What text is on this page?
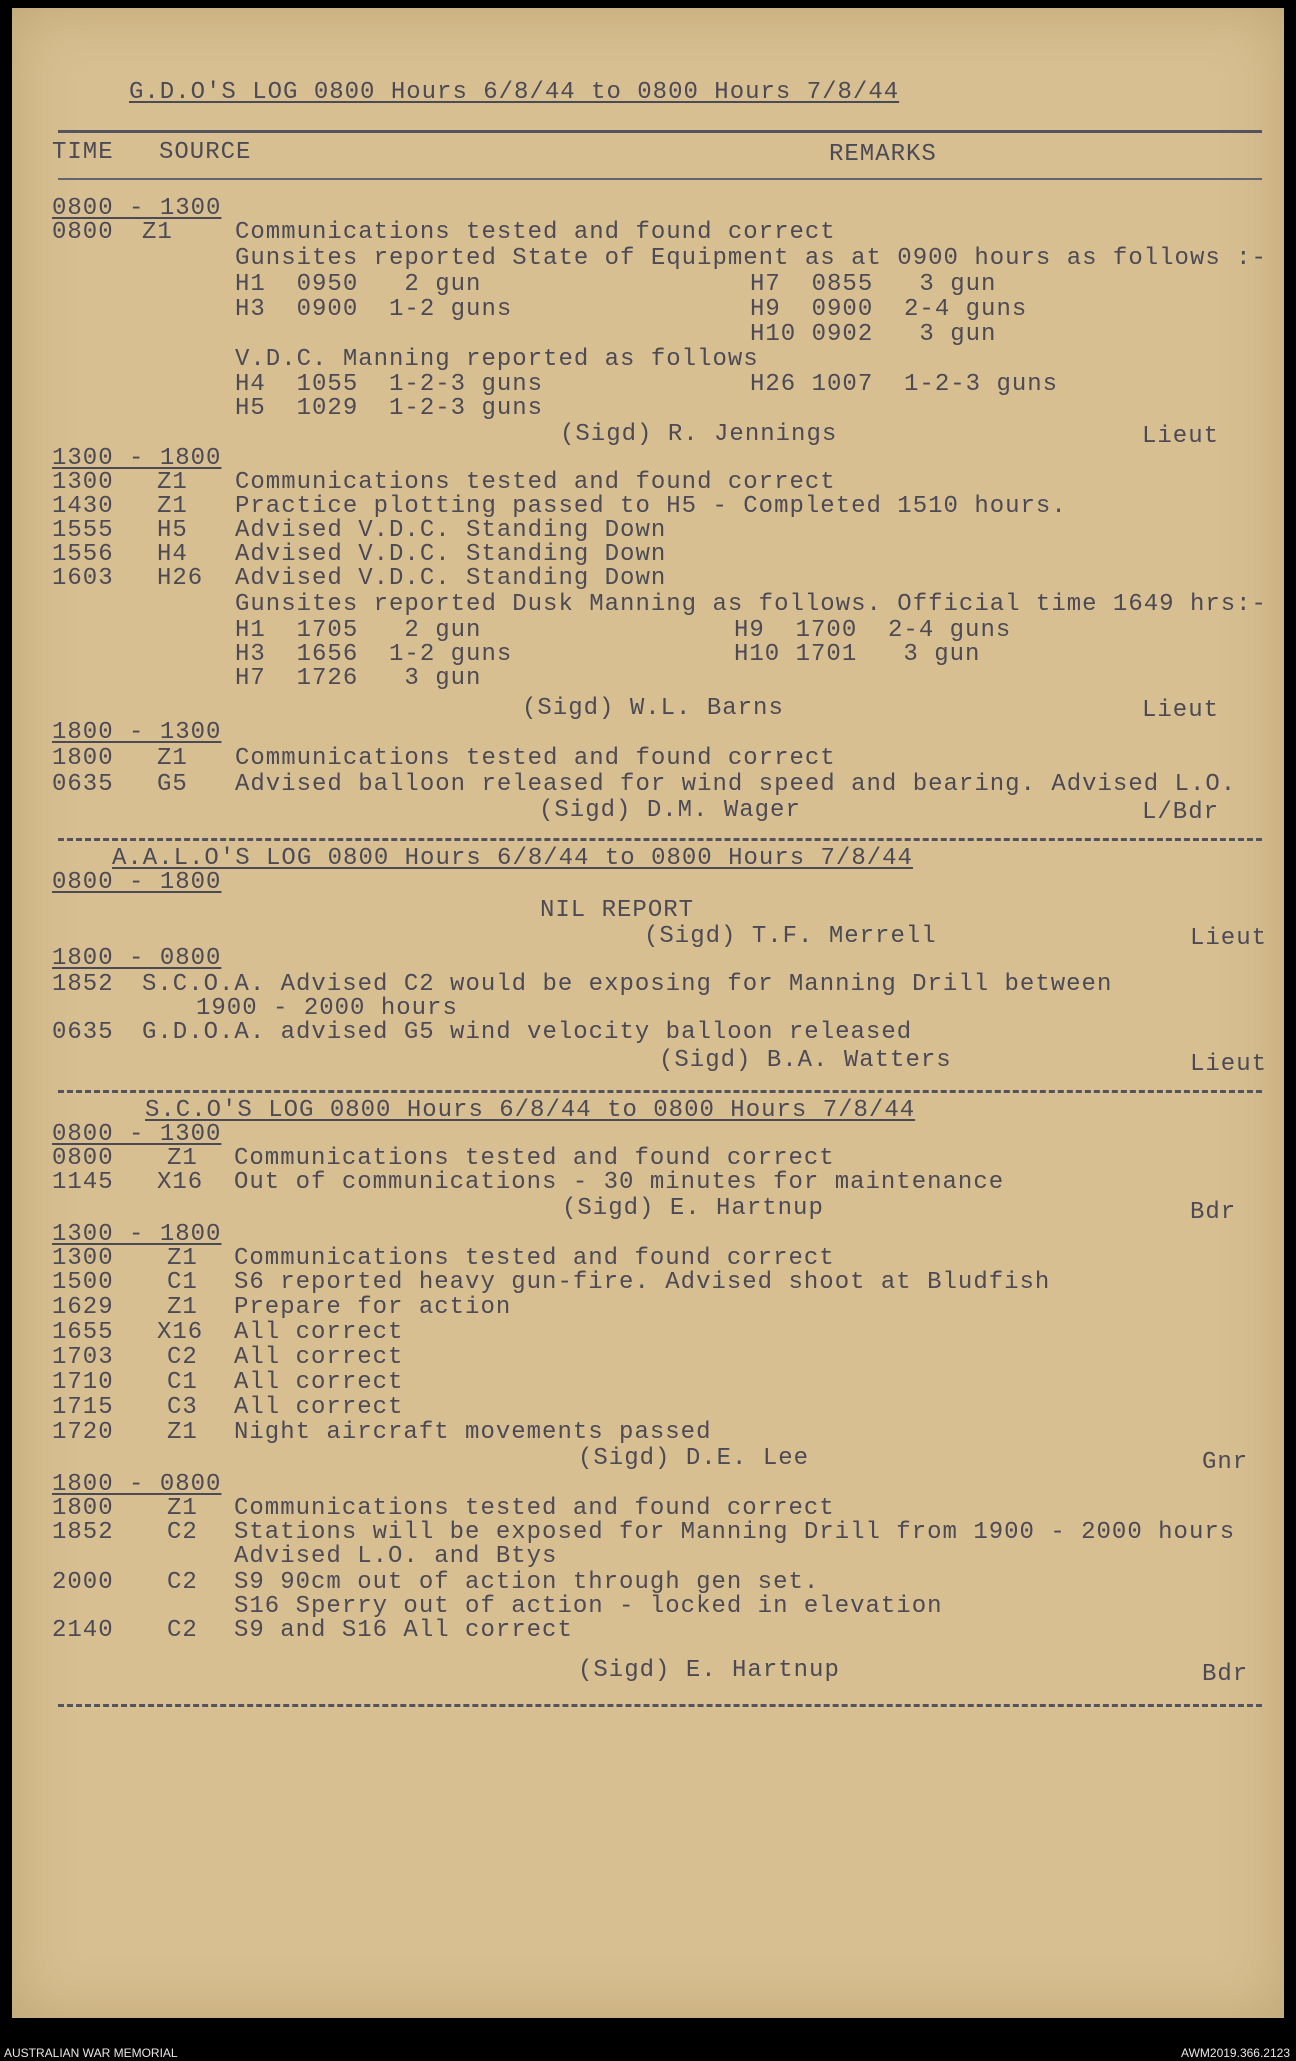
G.D.O'S LOG 0800 Hours 6/8/44 to 0800 Hours 7/8/44
TIME SOURCE	REMARKS
0800 - 1300
0800 Z1	Communications tested and found correct
Gunsites reported State of Equipment as at 0900 hours as follows :-
H1  0950   2 gun	H7  0855   3 gun
H3  0900  1-2 guns	H9  0900  2-4 guns
H10 0902   3 gun
V.D.C. Manning reported as follows
H4  1055  1-2-3 guns	H26 1007  1-2-3 guns
H5  1029  1-2-3 guns
(Sigd) R. Jennings	Lieut
1300 - 1800
1300 Z1 Communications tested and found correct
1430 Z1 Practice plotting passed to H5 - Completed 1510 hours.
1555 H5 Advised V.D.C. Standing Down
1556 H4 Advised V.D.C. Standing Down
1603 H26 Advised V.D.C. Standing Down
Gunsites reported Dusk Manning as follows. Official time 1649 hrs:-
H1  1705   2 gun	H9  1700  2-4 guns
H3  1656  1-2 guns	H10 1701   3 gun
H7  1726   3 gun
(Sigd) W.L. Barns	Lieut
1800 - 1300
1800 Z1 Communications tested and found correct
0635 G5 Advised balloon released for wind speed and bearing. Advised L.O.
(Sigd) D.M. Wager	L/Bdr
A.A.L.O'S LOG 0800 Hours 6/8/44 to 0800 Hours 7/8/44
0800 - 1800
NIL REPORT
(Sigd) T.F. Merrell	Lieut
1800 - 0800
1852 S.C.O.A. Advised C2 would be exposing for Manning Drill between
1900 - 2000 hours
0635 G.D.O.A. advised G5 wind velocity balloon released
(Sigd) B.A. Watters	Lieut
S.C.O'S LOG 0800 Hours 6/8/44 to 0800 Hours 7/8/44
0800 - 1300
0800 Z1 Communications tested and found correct
1145 X16 Out of communications - 30 minutes for maintenance
(Sigd) E. Hartnup	Bdr
1300 - 1800
1300 Z1 Communications tested and found correct
1500 C1 S6 reported heavy gun-fire. Advised shoot at Bludfish
1629 Z1 Prepare for action
1655 X16 All correct
1703 C2 All correct
1710 C1 All correct
1715 C3 All correct
1720 Z1 Night aircraft movements passed
(Sigd) D.E. Lee	Gnr
1800 - 0800
1800 Z1 Communications tested and found correct
1852 C2 Stations will be exposed for Manning Drill from 1900 - 2000 hours
Advised L.O. and Btys
2000 C2 S9 90cm out of action through gen set.
S16 Sperry out of action - locked in elevation
2140 C2 S9 and S16 All correct
(Sigd) E. Hartnup	Bdr
AUSTRALIAN WAR MEMORIAL	AWM2019.366.2123
